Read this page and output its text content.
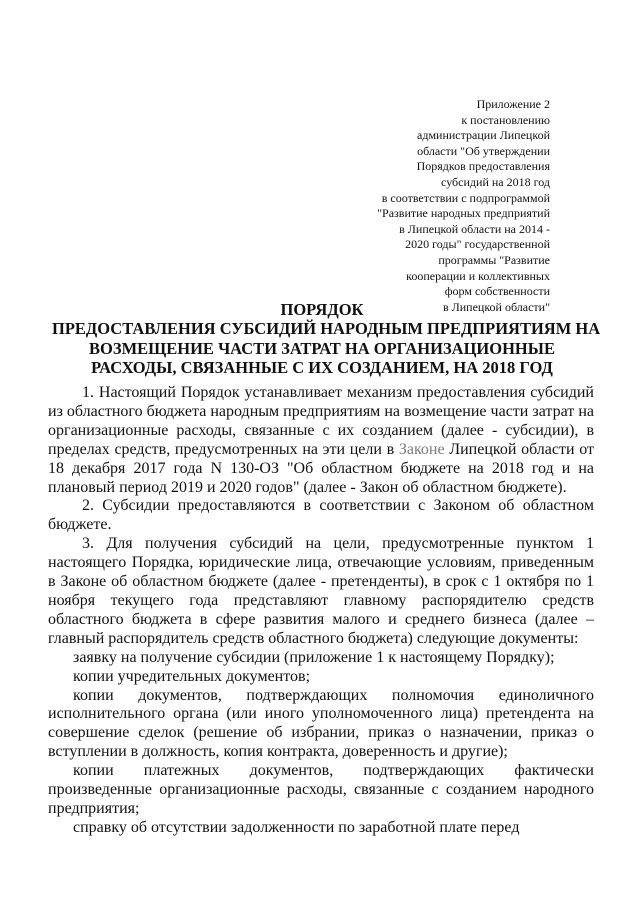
Приложение 2
к постановлению
администрации Липецкой
области "Об утверждении
Порядков предоставления
субсидий на 2018 год
в соответствии с подпрограммой
"Развитие народных предприятий
в Липецкой области на 2014 -
2020 годы" государственной
программы "Развитие
кооперации и коллективных
форм собственности
в Липецкой области"
ПОРЯДОК
ПРЕДОСТАВЛЕНИЯ СУБСИДИЙ НАРОДНЫМ ПРЕДПРИЯТИЯМ НА
ВОЗМЕЩЕНИЕ ЧАСТИ ЗАТРАТ НА ОРГАНИЗАЦИОННЫЕ
РАСХОДЫ, СВЯЗАННЫЕ С ИХ СОЗДАНИЕМ, НА 2018 ГОД

1. Настоящий Порядок устанавливает механизм предоставления субсидий из областного бюджета народным предприятиям на возмещение части затрат на организационные расходы, связанные с их созданием (далее - субсидии), в пределах средств, предусмотренных на эти цели в Законе Липецкой области от 18 декабря 2017 года N 130-ОЗ "Об областном бюджете на 2018 год и на плановый период 2019 и 2020 годов" (далее - Закон об областном бюджете).

2. Субсидии предоставляются в соответствии с Законом об областном бюджете.

3. Для получения субсидий на цели, предусмотренные пунктом 1 настоящего Порядка, юридические лица, отвечающие условиям, приведенным в Законе об областном бюджете (далее - претенденты), в срок с 1 октября по 1 ноября текущего года представляют главному распорядителю средств областного бюджета в сфере развития малого и среднего бизнеса (далее – главный распорядитель средств областного бюджета) следующие документы:

заявку на получение субсидии (приложение 1 к настоящему Порядку);

копии учредительных документов;

копии документов, подтверждающих полномочия единоличного исполнительного органа (или иного уполномоченного лица) претендента на совершение сделок (решение об избрании, приказ о назначении, приказ о вступлении в должность, копия контракта, доверенность и другие);

копии платежных документов, подтверждающих фактически произведенные организационные расходы, связанные с созданием народного предприятия;

справку об отсутствии задолженности по заработной плате перед
